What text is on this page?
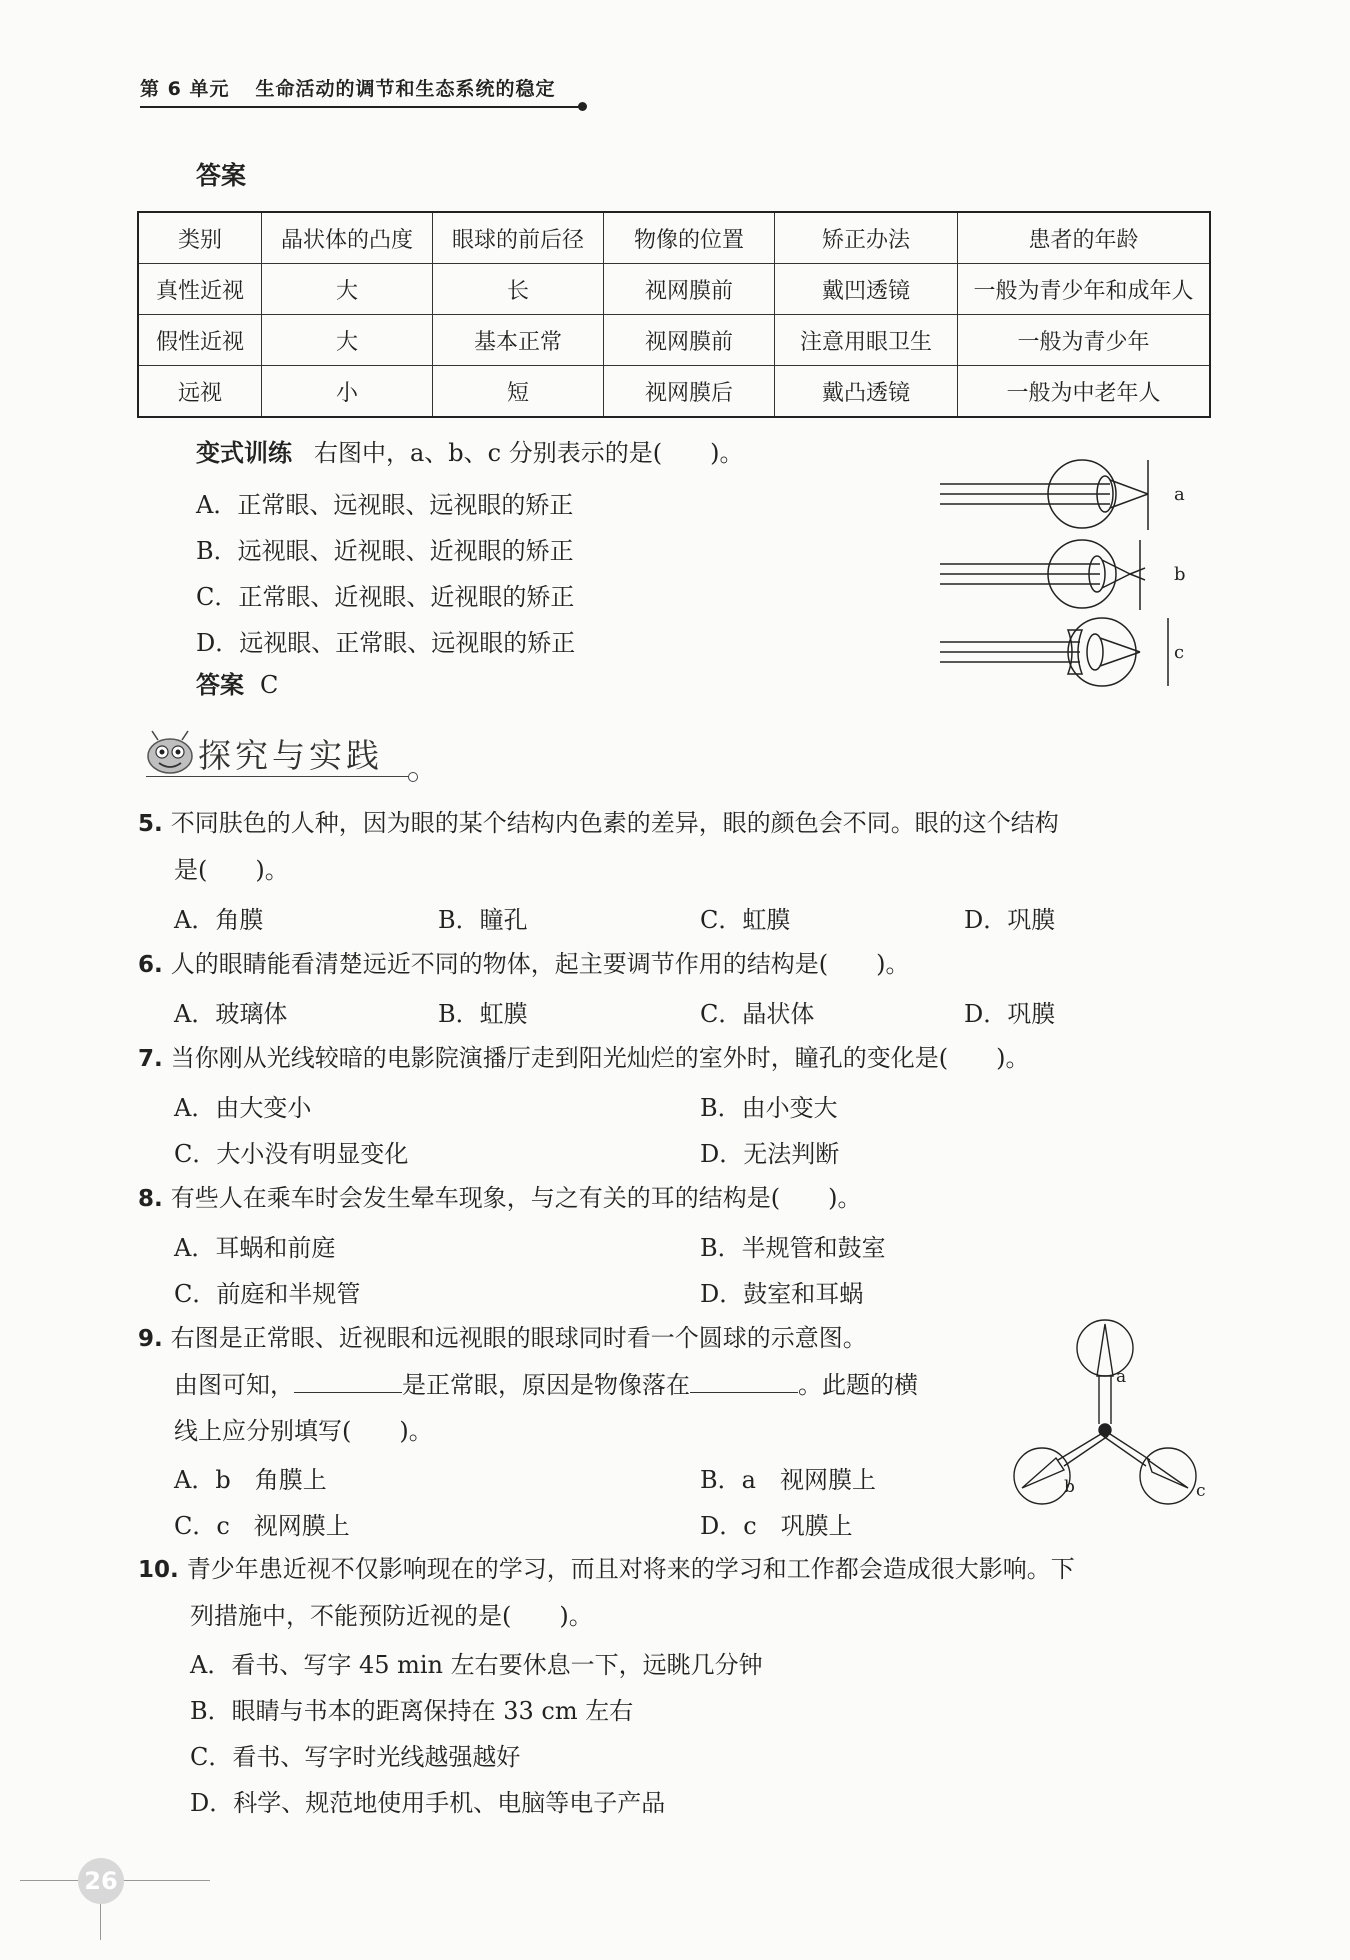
第 6 单元 生命活动的调节和生态系统的稳定
答案
类别	晶状体的凸度	眼球的前后径	物像的位置	矫正办法	患者的年龄
真性近视	大	长	视网膜前	戴凹透镜	一般为青少年和成年人
假性近视	大	基本正常	视网膜前	注意用眼卫生	一般为青少年
远视	小	短	视网膜后	戴凸透镜	一般为中老年人
变式训练 右图中，a、b、c 分别表示的是(　　)。
A．正常眼、远视眼、远视眼的矫正
B．远视眼、近视眼、近视眼的矫正
C．正常眼、近视眼、近视眼的矫正
D．远视眼、正常眼、远视眼的矫正
答案 C
a
b
c
探究与实践
5. 不同肤色的人种，因为眼的某个结构内色素的差异，眼的颜色会不同。眼的这个结构
是(　　)。
A．角膜	B．瞳孔	C．虹膜	D．巩膜
6. 人的眼睛能看清楚远近不同的物体，起主要调节作用的结构是(　　)。
A．玻璃体	B．虹膜	C．晶状体	D．巩膜
7. 当你刚从光线较暗的电影院演播厅走到阳光灿烂的室外时，瞳孔的变化是(　　)。
A．由大变小	B．由小变大
C．大小没有明显变化	D．无法判断
8. 有些人在乘车时会发生晕车现象，与之有关的耳的结构是(　　)。
A．耳蜗和前庭	B．半规管和鼓室
C．前庭和半规管	D．鼓室和耳蜗
9. 右图是正常眼、近视眼和远视眼的眼球同时看一个圆球的示意图。
由图可知，	是正常眼，原因是物像落在	。此题的横
线上应分别填写(　　)。
A．b　角膜上	B．a　视网膜上
C．c　视网膜上	D．c　巩膜上
a
b	c
10. 青少年患近视不仅影响现在的学习，而且对将来的学习和工作都会造成很大影响。下
列措施中，不能预防近视的是(　　)。
A．看书、写字 45 min 左右要休息一下，远眺几分钟
B．眼睛与书本的距离保持在 33 cm 左右
C．看书、写字时光线越强越好
D．科学、规范地使用手机、电脑等电子产品
26
